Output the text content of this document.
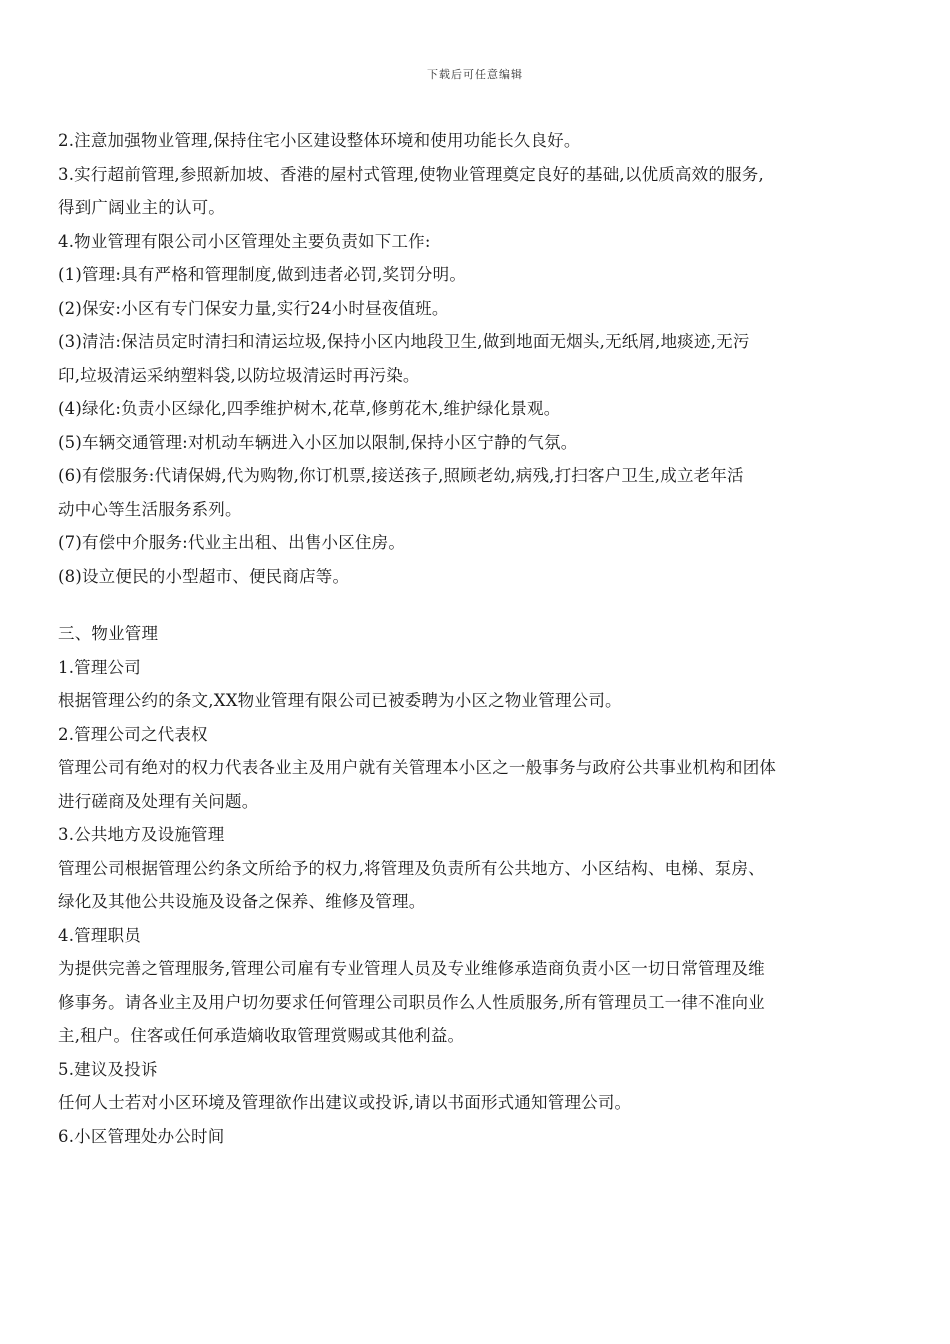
下载后可任意编辑
2.注意加强物业管理,保持住宅小区建设整体环境和使用功能长久良好。
3.实行超前管理,参照新加坡、香港的屋村式管理,使物业管理奠定良好的基础,以优质高效的服务,
得到广阔业主的认可。
4.物业管理有限公司小区管理处主要负责如下工作:
(1)管理:具有严格和管理制度,做到违者必罚,奖罚分明。
(2)保安:小区有专门保安力量,实行24小时昼夜值班。
(3)清洁:保洁员定时清扫和清运垃圾,保持小区内地段卫生,做到地面无烟头,无纸屑,地痰迹,无污
印,垃圾清运采纳塑料袋,以防垃圾清运时再污染。
(4)绿化:负责小区绿化,四季维护树木,花草,修剪花木,维护绿化景观。
(5)车辆交通管理:对机动车辆进入小区加以限制,保持小区宁静的气氛。
(6)有偿服务:代请保姆,代为购物,你订机票,接送孩子,照顾老幼,病残,打扫客户卫生,成立老年活
动中心等生活服务系列。
(7)有偿中介服务:代业主出租、出售小区住房。
(8)设立便民的小型超市、便民商店等。
三、物业管理
1.管理公司
根据管理公约的条文,XX物业管理有限公司已被委聘为小区之物业管理公司。
2.管理公司之代表权
管理公司有绝对的权力代表各业主及用户就有关管理本小区之一般事务与政府公共事业机构和团体
进行磋商及处理有关问题。
3.公共地方及设施管理
管理公司根据管理公约条文所给予的权力,将管理及负责所有公共地方、小区结构、电梯、泵房、
绿化及其他公共设施及设备之保养、维修及管理。
4.管理职员
为提供完善之管理服务,管理公司雇有专业管理人员及专业维修承造商负责小区一切日常管理及维
修事务。请各业主及用户切勿要求任何管理公司职员作么人性质服务,所有管理员工一律不准向业
主,租户。住客或任何承造熵收取管理赏赐或其他利益。
5.建议及投诉
任何人士若对小区环境及管理欲作出建议或投诉,请以书面形式通知管理公司。
6.小区管理处办公时间
